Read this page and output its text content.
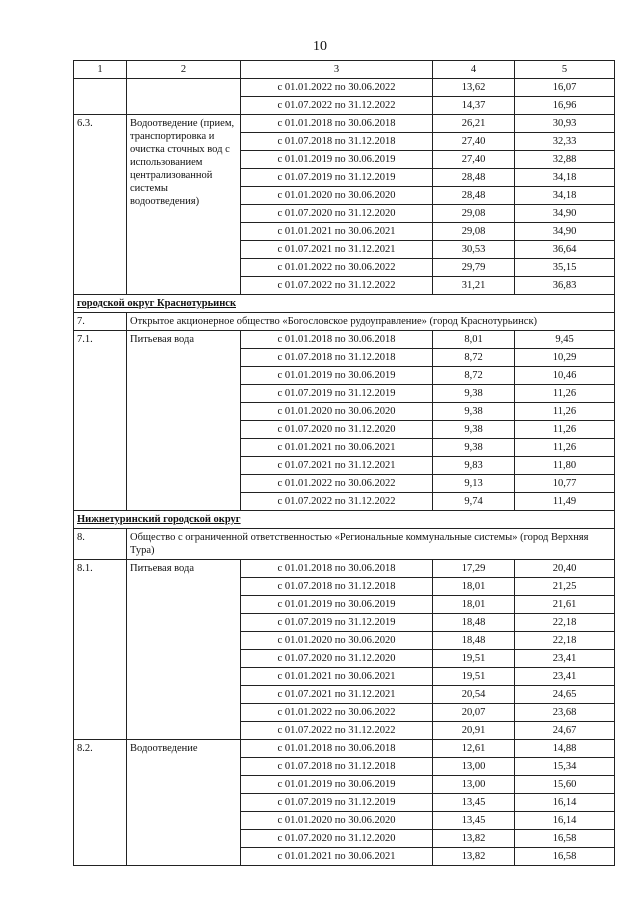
10
1	2	3	4	5
		с 01.01.2022 по 30.06.2022	13,62	16,07
		с 01.07.2022 по 31.12.2022	14,37	16,96
6.3.	Водоотведение (прием, транспортировка и очистка сточных вод с использованием централизованной системы водоотведения)	с 01.01.2018 по 30.06.2018	26,21	30,93
		с 01.07.2018 по 31.12.2018	27,40	32,33
		с 01.01.2019 по 30.06.2019	27,40	32,88
		с 01.07.2019 по 31.12.2019	28,48	34,18
		с 01.01.2020 по 30.06.2020	28,48	34,18
		с 01.07.2020 по 31.12.2020	29,08	34,90
		с 01.01.2021 по 30.06.2021	29,08	34,90
		с 01.07.2021 по 31.12.2021	30,53	36,64
		с 01.01.2022 по 30.06.2022	29,79	35,15
		с 01.07.2022 по 31.12.2022	31,21	36,83
городской округ Краснотурьинск				
7.	Открытое акционерное общество «Богословское рудоуправление» (город Краснотурьинск)			
7.1.	Питьевая вода	с 01.01.2018 по 30.06.2018	8,01	9,45
		с 01.07.2018 по 31.12.2018	8,72	10,29
		с 01.01.2019 по 30.06.2019	8,72	10,46
		с 01.07.2019 по 31.12.2019	9,38	11,26
		с 01.01.2020 по 30.06.2020	9,38	11,26
		с 01.07.2020 по 31.12.2020	9,38	11,26
		с 01.01.2021 по 30.06.2021	9,38	11,26
		с 01.07.2021 по 31.12.2021	9,83	11,80
		с 01.01.2022 по 30.06.2022	9,13	10,77
		с 01.07.2022 по 31.12.2022	9,74	11,49
Нижнетуринский городской округ				
8.	Общество с ограниченной ответственностью «Региональные коммунальные системы» (город Верхняя Тура)			
8.1.	Питьевая вода	с 01.01.2018 по 30.06.2018	17,29	20,40
		с 01.07.2018 по 31.12.2018	18,01	21,25
		с 01.01.2019 по 30.06.2019	18,01	21,61
		с 01.07.2019 по 31.12.2019	18,48	22,18
		с 01.01.2020 по 30.06.2020	18,48	22,18
		с 01.07.2020 по 31.12.2020	19,51	23,41
		с 01.01.2021 по 30.06.2021	19,51	23,41
		с 01.07.2021 по 31.12.2021	20,54	24,65
		с 01.01.2022 по 30.06.2022	20,07	23,68
		с 01.07.2022 по 31.12.2022	20,91	24,67
8.2.	Водоотведение	с 01.01.2018 по 30.06.2018	12,61	14,88
		с 01.07.2018 по 31.12.2018	13,00	15,34
		с 01.01.2019 по 30.06.2019	13,00	15,60
		с 01.07.2019 по 31.12.2019	13,45	16,14
		с 01.01.2020 по 30.06.2020	13,45	16,14
		с 01.07.2020 по 31.12.2020	13,82	16,58
		с 01.01.2021 по 30.06.2021	13,82	16,58
